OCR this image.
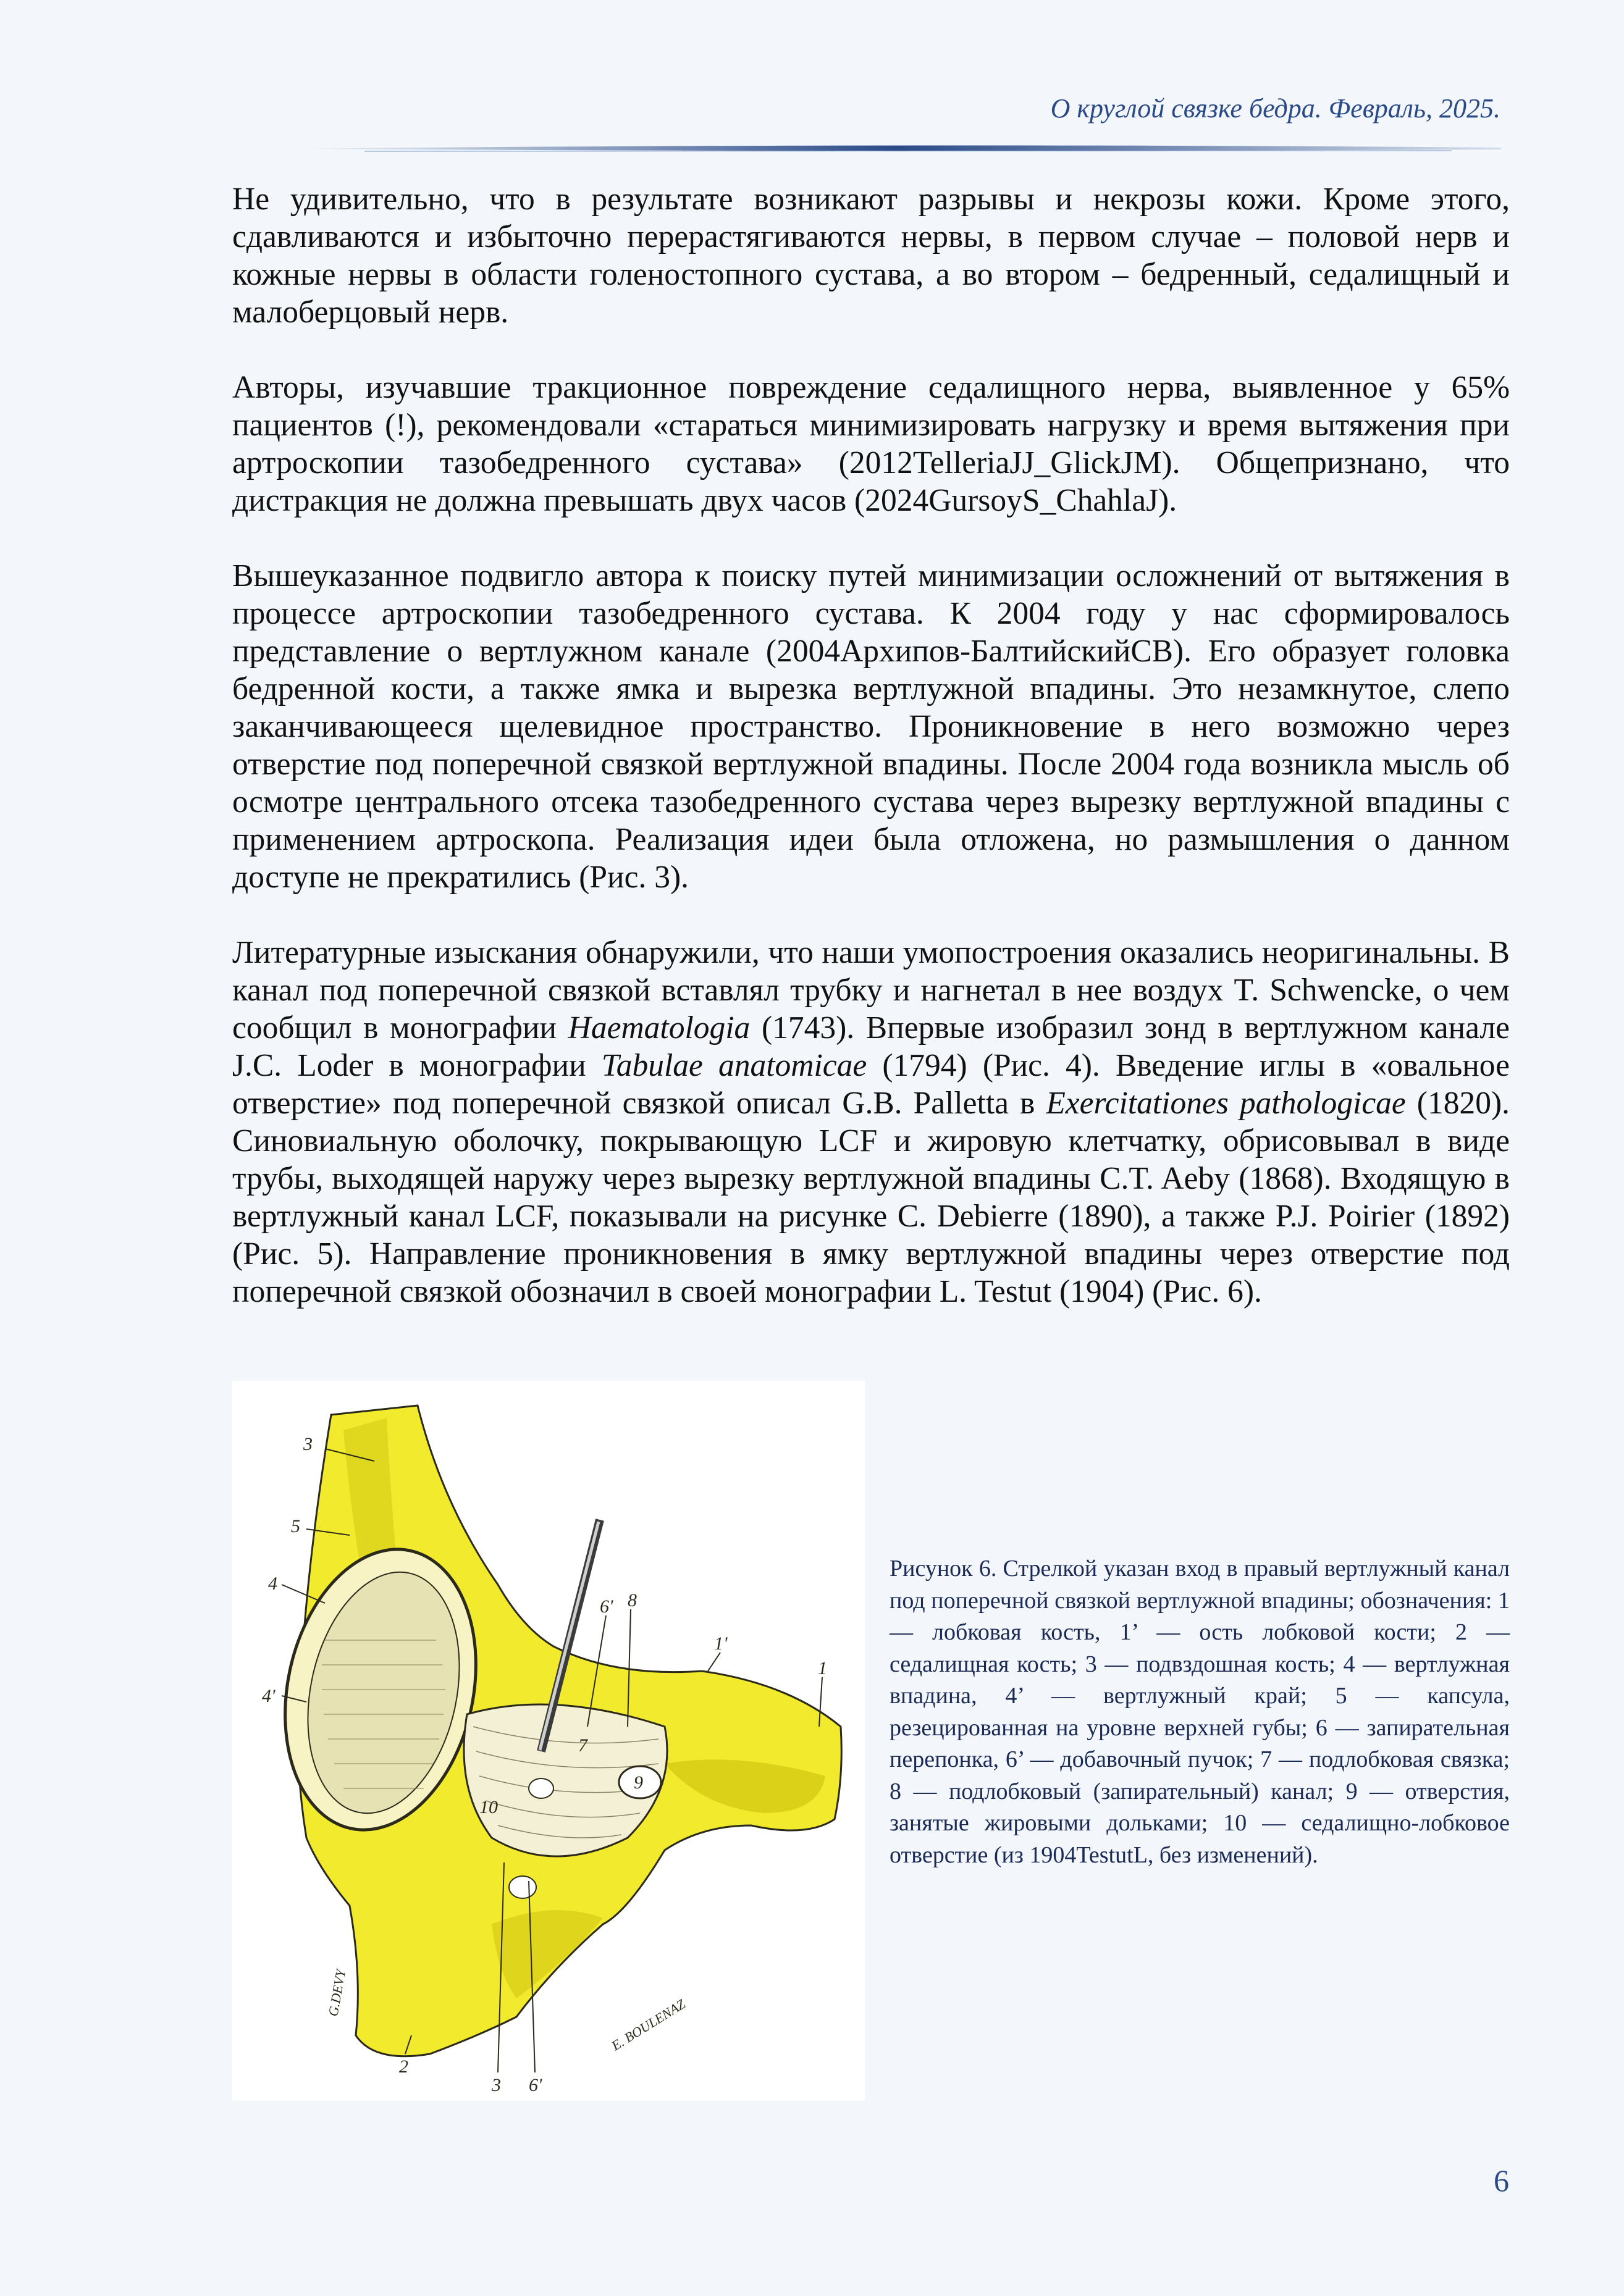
О круглой связке бедра. Февраль, 2025.

Не удивительно, что в результате возникают разрывы и некрозы кожи. Кроме этого, сдавливаются и избыточно перерастягиваются нервы, в первом случае – половой нерв и кожные нервы в области голеностопного сустава, а во втором – бедренный, седалищный и малоберцовый нерв.

Авторы, изучавшие тракционное повреждение седалищного нерва, выявленное у 65% пациентов (!), рекомендовали «стараться минимизировать нагрузку и время вытяжения при артроскопии тазобедренного сустава» (2012TelleriaJJ_GlickJM). Общепризнано, что дистракция не должна превышать двух часов (2024GursoyS_ChahlaJ).

Вышеуказанное подвигло автора к поиску путей минимизации осложнений от вытяжения в процессе артроскопии тазобедренного сустава. К 2004 году у нас сформировалось представление о вертлужном канале (2004Архипов-БалтийскийСВ). Его образует головка бедренной кости, а также ямка и вырезка вертлужной впадины. Это незамкнутое, слепо заканчивающееся щелевидное пространство. Проникновение в него возможно через отверстие под поперечной связкой вертлужной впадины. После 2004 года возникла мысль об осмотре центрального отсека тазобедренного сустава через вырезку вертлужной впадины с применением артроскопа. Реализация идеи была отложена, но размышления о данном доступе не прекратились (Рис. 3).

Литературные изыскания обнаружили, что наши умопостроения оказались неоригинальны. В канал под поперечной связкой вставлял трубку и нагнетал в нее воздух T. Schwencke, о чем сообщил в монографии Haematologia (1743). Впервые изобразил зонд в вертлужном канале J.C. Loder в монографии Tabulae anatomicae (1794) (Рис. 4). Введение иглы в «овальное отверстие» под поперечной связкой описал G.B. Palletta в Exercitationes pathologicae (1820). Синовиальную оболочку, покрывающую LCF и жировую клетчатку, обрисовывал в виде трубы, выходящей наружу через вырезку вертлужной впадины C.T. Aeby (1868). Входящую в вертлужный канал LCF, показывали на рисунке C. Debierre (1890), а также P.J. Poirier (1892) (Рис. 5). Направление проникновения в ямку вертлужной впадины через отверстие под поперечной связкой обозначил в своей монографии L. Testut (1904) (Рис. 6).

3
5
4
4'
6' 8
1'
1
7
10
9
2
3 6'
G.DEVY
E. BOULENAZ
Рисунок 6. Стрелкой указан вход в правый вертлужный канал под поперечной связкой вертлужной впадины; обозначения: 1 — лобковая кость, 1’ — ость лобковой кости; 2 — седалищная кость; 3 — подвздошная кость; 4 — вертлужная впадина, 4’ — вертлужный край; 5 — капсула, резецированная на уровне верхней губы; 6 — запирательная перепонка, 6’ — добавочный пучок; 7 — подлобковая связка; 8 — подлобковый (запирательный) канал; 9 — отверстия, занятые жировыми дольками; 10 — седалищно-лобковое отверстие (из 1904TestutL, без изменений).
6
